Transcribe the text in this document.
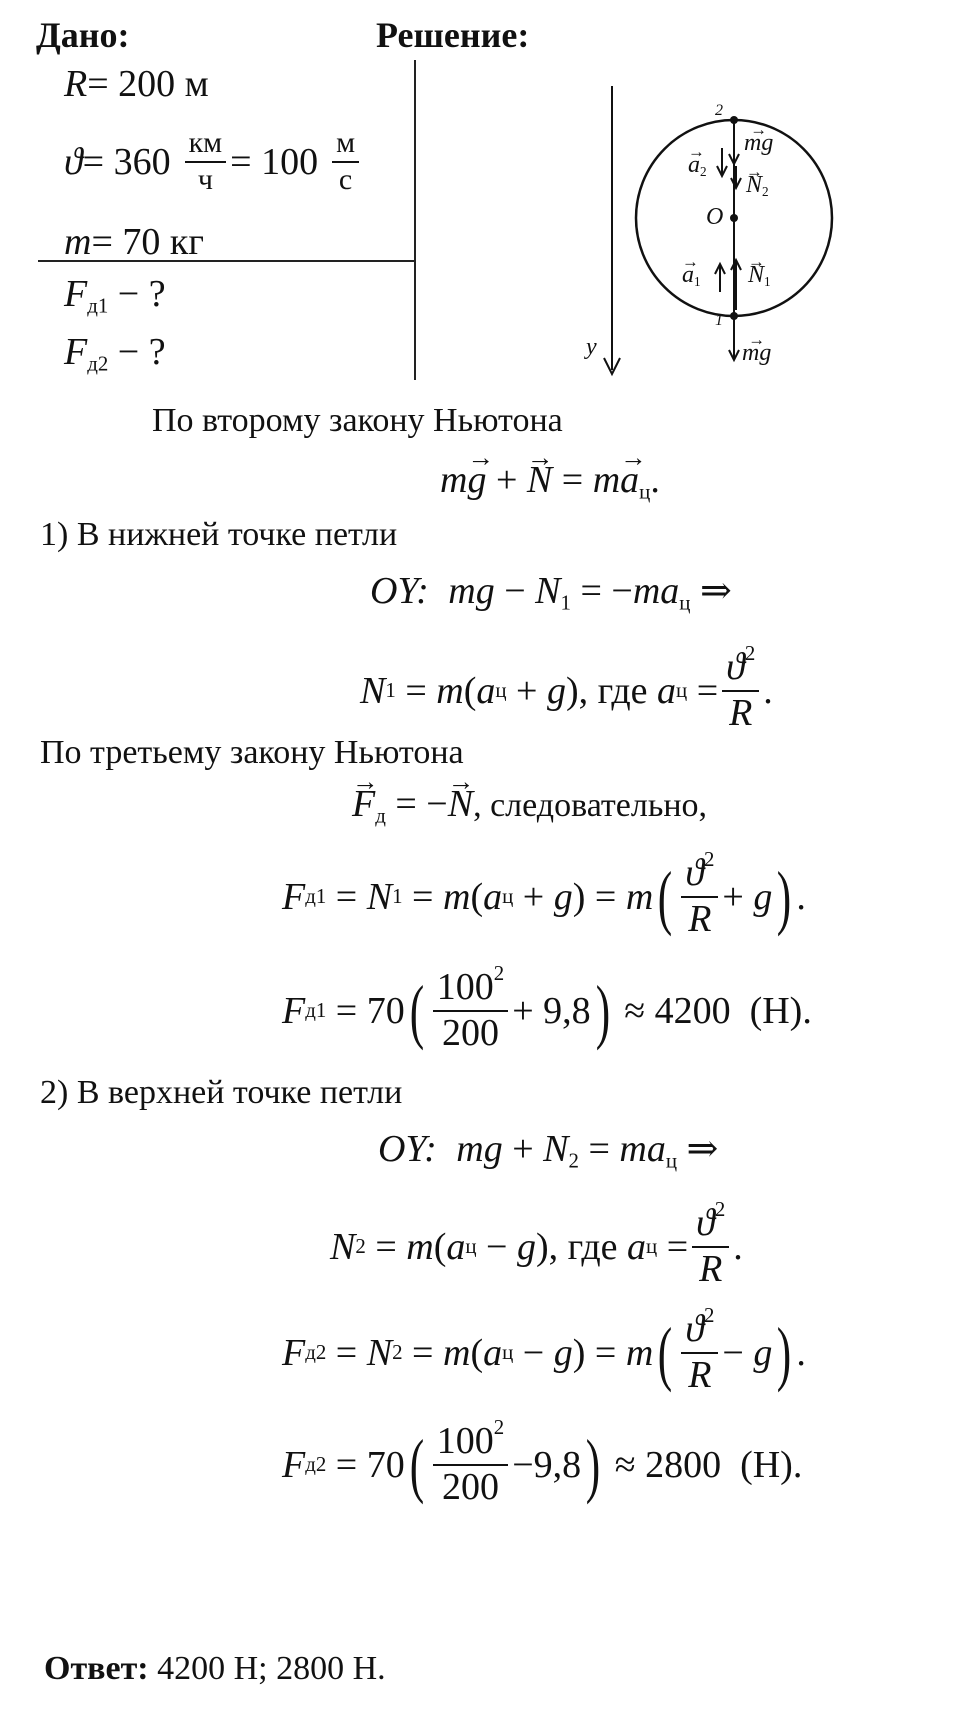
Дано:	Решение:
R= 200 м
$ϑ = 360 \frac{км}{ч} = 100 \frac{м}{с}$
m= 70 кг
$F_{д1}$ − ?
$F_{д2}$ − ?	y
2
1
O
→ mg
→ $a_2$
→ $N_2$
→ $a_1$
→ $N_1$
→ mg
По второму закону Ньютона
m→ g + → $N = m\to a_ц$.
1) В нижней точке петли
OY: mg − $N_1 = -ma_ц$ ⇒
N 1
= m ( a ц
+ g ) , где a ц
= $\frac{ϑ^2}{R}$ .
По третьему закону Ньютона
→ $F_д$ = −→ N, следовательно,
F д1
= N 1
= m ( a ц
+ g )
= m ( $\frac{ϑ^2}{R} + g$ ) .
F д1
=
70 ( $\frac{100^2}{200}$ +
9,8 )
≈ 4200
(Н).
2) В верхней точке петли
OY: mg + $N_2 = ma_ц$ ⇒
N 2
= m ( a ц
− g ) , где a ц
= $\frac{ϑ^2}{R}$ .
F д2
= N 2
= m ( a ц
− g )
= m ( $\frac{ϑ^2}{R} - g$ ) .
F д2
=
70 ( $\frac{100^2}{200} - 9,8$ )
≈ 2800
(Н).
Ответ: 4200 Н; 2800 Н.
